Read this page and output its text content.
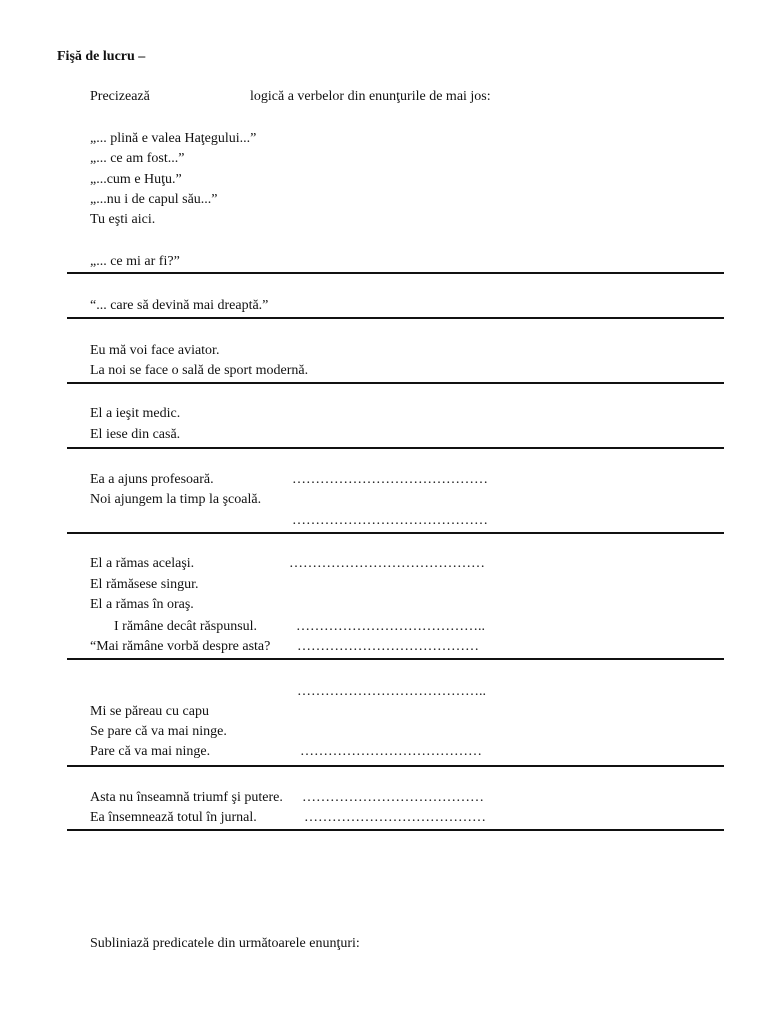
Fişă de lucru –
Precizează	logică a verbelor din enunţurile de mai jos:
„... plină e valea Haţegului...”
„... ce am fost...”
„...cum e Huţu.”
„...nu i de capul său...”
Tu eşti aici.
„... ce mi ar fi?”
“... care să devină mai dreaptă.”
Eu mă voi face aviator.
La noi se face o sală de sport modernă.
El a ieşit medic.
El iese din casă.
Ea a ajuns profesoară.	……………………………………
Noi ajungem la timp la şcoală.
……………………………………
El a rămas acelaşi.	……………………………………
El rămăsese singur.
El a rămas în oraş.
I rămâne decât răspunsul.	…………………………………..
“Mai rămâne vorbă despre asta? …………………………………
…………………………………..
Mi se păreau cu capu
Se pare că va mai ninge.
Pare că va mai ninge.	…………………………………
Asta nu înseamnă triumf şi putere. …………………………………
Ea însemnează totul în jurnal.	…………………………………
Subliniază predicatele din următoarele enunţuri:
